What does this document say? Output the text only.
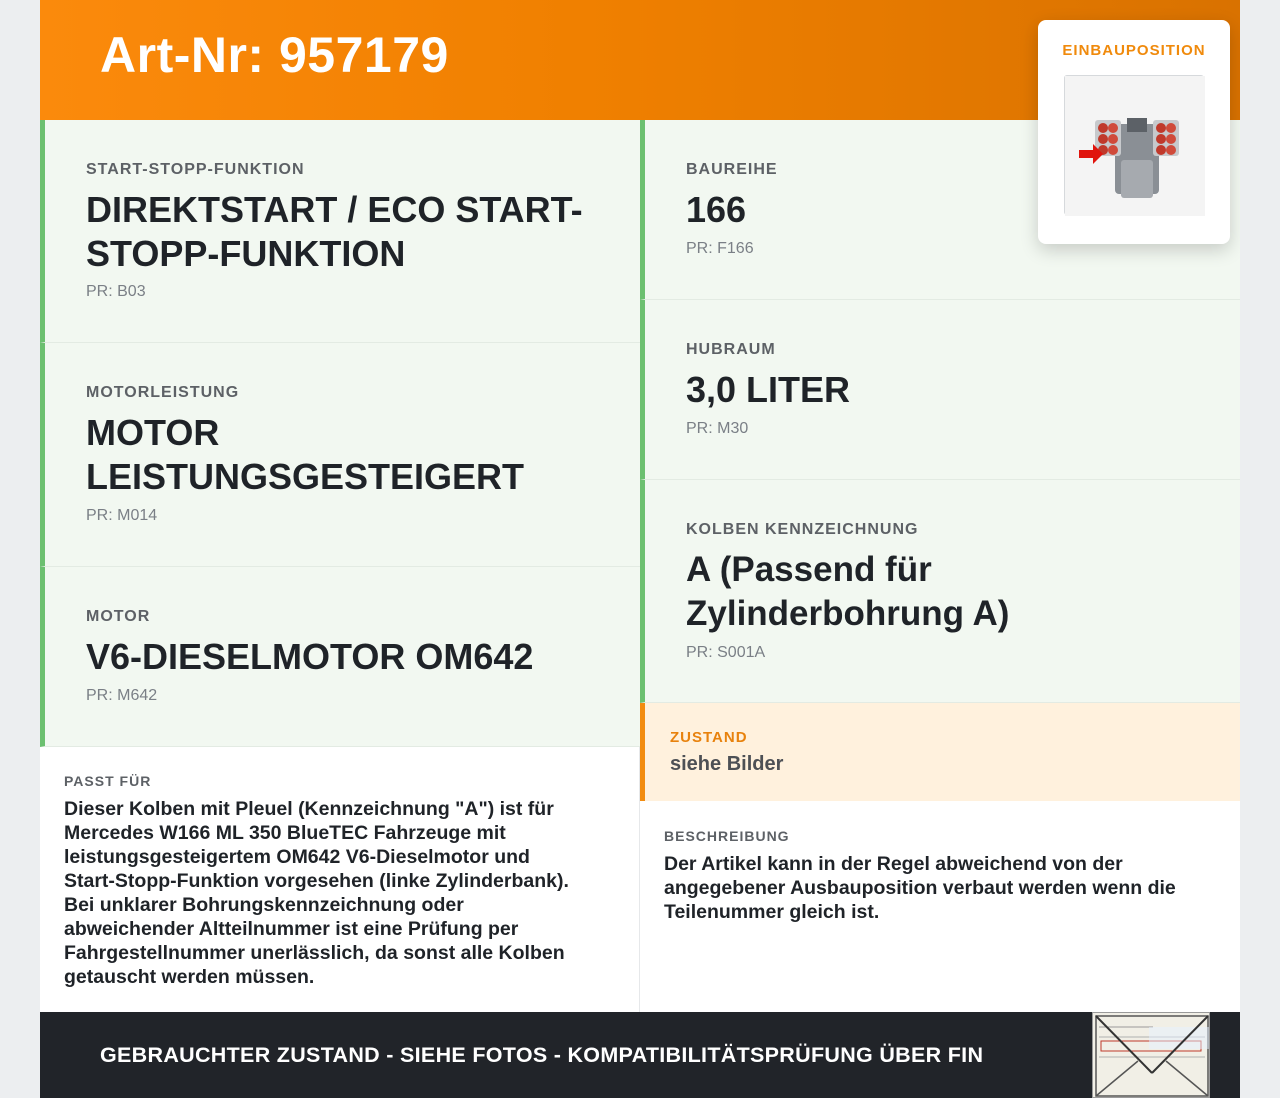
Art-Nr: 957179	EINBAUPOSITION
START-STOPP-FUNKTION
DIREKTSTART / ECO START-STOPP-FUNKTION
PR: B03
MOTORLEISTUNG
MOTOR LEISTUNGSGESTEIGERT
PR: M014
MOTOR
V6-DIESELMOTOR OM642
PR: M642
BAUREIHE
166
PR: F166
HUBRAUM
3,0 LITER
PR: M30
KOLBEN KENNZEICHNUNG
A (Passend für Zylinderbohrung A)
PR: S001A
ZUSTAND
siehe Bilder
PASST FÜR
Dieser Kolben mit Pleuel (Kennzeichnung "A") ist für
Mercedes W166 ML 350 BlueTEC Fahrzeuge mit
leistungsgesteigertem OM642 V6-Dieselmotor und
Start-Stopp-Funktion vorgesehen (linke Zylinderbank).
Bei unklarer Bohrungskennzeichnung oder
abweichender Altteilnummer ist eine Prüfung per
Fahrgestellnummer unerlässlich, da sonst alle Kolben
getauscht werden müssen.
BESCHREIBUNG
Der Artikel kann in der Regel abweichend von der
angegebener Ausbauposition verbaut werden wenn die
Teilenummer gleich ist.
GEBRAUCHTER ZUSTAND - SIEHE FOTOS - KOMPATIBILITÄTSPRÜFUNG ÜBER FIN
